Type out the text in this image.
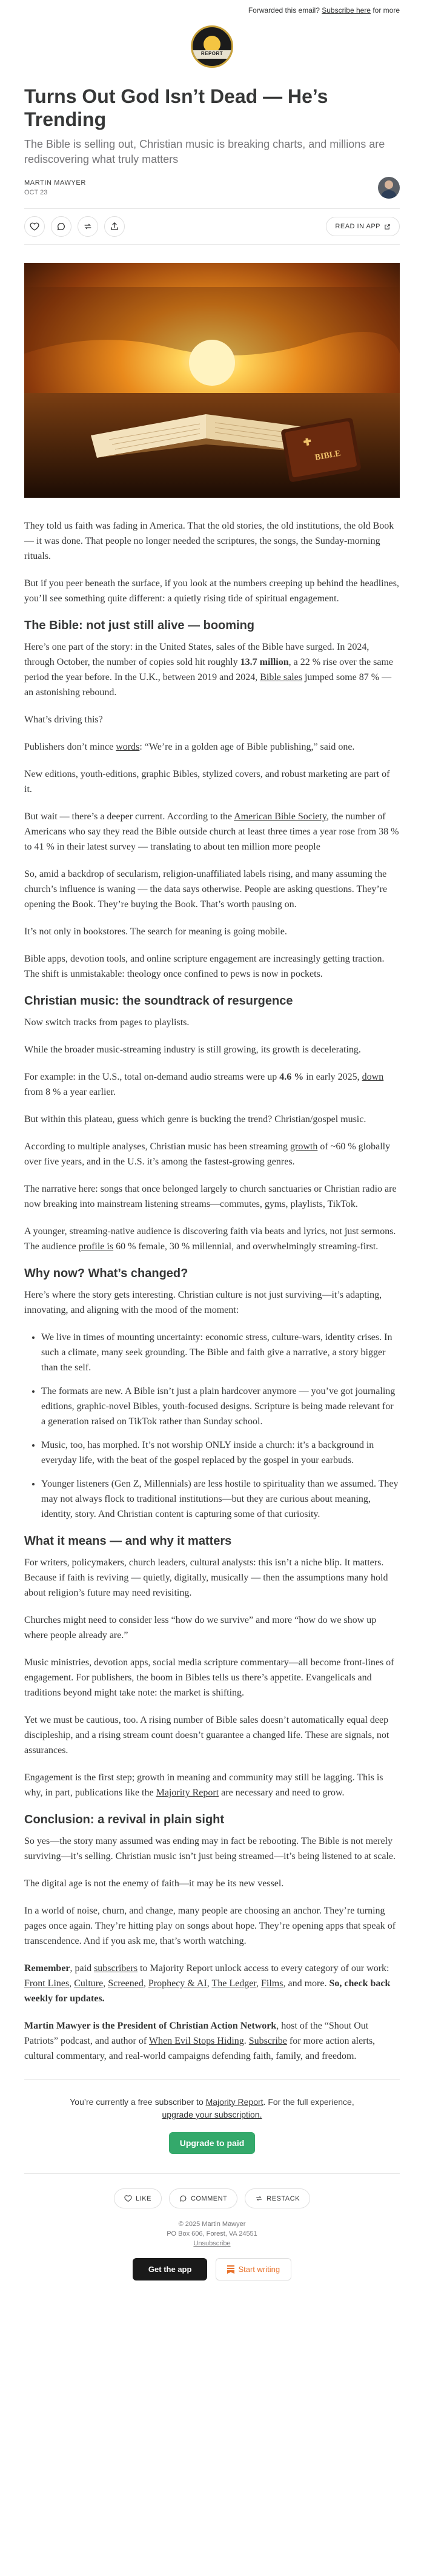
Forwarded this email? Subscribe here for more
REPORT
Turns Out God Isn’t Dead — He’s Trending
The Bible is selling out, Christian music is breaking charts, and millions are rediscovering what truly matters
MARTIN MAWYER
OCT 23
READ IN APP
BIBLE

They told us faith was fading in America. That the old stories, the old institutions, the old Book — it was done. That people no longer needed the scriptures, the songs, the Sunday-morning rituals.

But if you peer beneath the surface, if you look at the numbers creeping up behind the headlines, you’ll see something quite different: a quietly rising tide of spiritual engagement.

The Bible: not just still alive — booming

Here’s one part of the story: in the United States, sales of the Bible have surged. In 2024, through October, the number of copies sold hit roughly 13.7 million, a 22 % rise over the same period the year before. In the U.K., between 2019 and 2024, Bible sales jumped some 87 % — an astonishing rebound.

What’s driving this?

Publishers don’t mince words: “We’re in a golden age of Bible publishing,” said one.

New editions, youth-editions, graphic Bibles, stylized covers, and robust marketing are part of it.

But wait — there’s a deeper current. According to the American Bible Society, the number of Americans who say they read the Bible outside church at least three times a year rose from 38 % to 41 % in their latest survey — translating to about ten million more people

So, amid a backdrop of secularism, religion-unaffiliated labels rising, and many assuming the church’s influence is waning — the data says otherwise. People are asking questions. They’re opening the Book. They’re buying the Book. That’s worth pausing on.

It’s not only in bookstores. The search for meaning is going mobile.

Bible apps, devotion tools, and online scripture engagement are increasingly getting traction. The shift is unmistakable: theology once confined to pews is now in pockets.

Christian music: the soundtrack of resurgence

Now switch tracks from pages to playlists.

While the broader music-streaming industry is still growing, its growth is decelerating.

For example: in the U.S., total on-demand audio streams were up 4.6 % in early 2025, down from 8 % a year earlier.

But within this plateau, guess which genre is bucking the trend? Christian/gospel music.

According to multiple analyses, Christian music has been streaming growth of ~60 % globally over five years, and in the U.S. it’s among the fastest-growing genres.

The narrative here: songs that once belonged largely to church sanctuaries or Christian radio are now breaking into mainstream listening streams—commutes, gyms, playlists, TikTok.

A younger, streaming-native audience is discovering faith via beats and lyrics, not just sermons. The audience profile is 60 % female, 30 % millennial, and overwhelmingly streaming-first.

Why now? What’s changed?

Here’s where the story gets interesting. Christian culture is not just surviving—it’s adapting, innovating, and aligning with the mood of the moment:

• We live in times of mounting uncertainty: economic stress, culture-wars, identity crises. In such a climate, many seek grounding. The Bible and faith give a narrative, a story bigger than the self.
• The formats are new. A Bible isn’t just a plain hardcover anymore — you’ve got journaling editions, graphic-novel Bibles, youth-focused designs. Scripture is being made relevant for a generation raised on TikTok rather than Sunday school.
• Music, too, has morphed. It’s not worship ONLY inside a church: it’s a background in everyday life, with the beat of the gospel replaced by the gospel in your earbuds.
• Younger listeners (Gen Z, Millennials) are less hostile to spirituality than we assumed. They may not always flock to traditional institutions—but they are curious about meaning, identity, story. And Christian content is capturing some of that curiosity.
What it means — and why it matters

For writers, policymakers, church leaders, cultural analysts: this isn’t a niche blip. It matters. Because if faith is reviving — quietly, digitally, musically — then the assumptions many hold about religion’s future may need revisiting.

Churches might need to consider less “how do we survive” and more “how do we show up where people already are.”

Music ministries, devotion apps, social media scripture commentary—all become front-lines of engagement. For publishers, the boom in Bibles tells us there’s appetite. Evangelicals and traditions beyond might take note: the market is shifting.

Yet we must be cautious, too. A rising number of Bible sales doesn’t automatically equal deep discipleship, and a rising stream count doesn’t guarantee a changed life. These are signals, not assurances.

Engagement is the first step; growth in meaning and community may still be lagging. This is why, in part, publications like the Majority Report are necessary and need to grow.

Conclusion: a revival in plain sight

So yes—the story many assumed was ending may in fact be rebooting. The Bible is not merely surviving—it’s selling. Christian music isn’t just being streamed—it’s being listened to at scale.

The digital age is not the enemy of faith—it may be its new vessel.

In a world of noise, churn, and change, many people are choosing an anchor. They’re turning pages once again. They’re hitting play on songs about hope. They’re opening apps that speak of transcendence. And if you ask me, that’s worth watching.

Remember, paid subscribers to Majority Report unlock access to every category of our work: Front Lines, Culture, Screened, Prophecy & AI, The Ledger, Films, and more. So, check back weekly for updates.

Martin Mawyer is the President of Christian Action Network, host of the “Shout Out Patriots” podcast, and author of When Evil Stops Hiding. Subscribe for more action alerts, cultural commentary, and real-world campaigns defending faith, family, and freedom.

You’re currently a free subscriber to Majority Report. For the full experience,
upgrade your subscription.

Upgrade to paid
LIKE	COMMENT	RESTACK
© 2025 Martin Mawyer
PO Box 606, Forest, VA 24551
Unsubscribe
Get the app	Start writing
